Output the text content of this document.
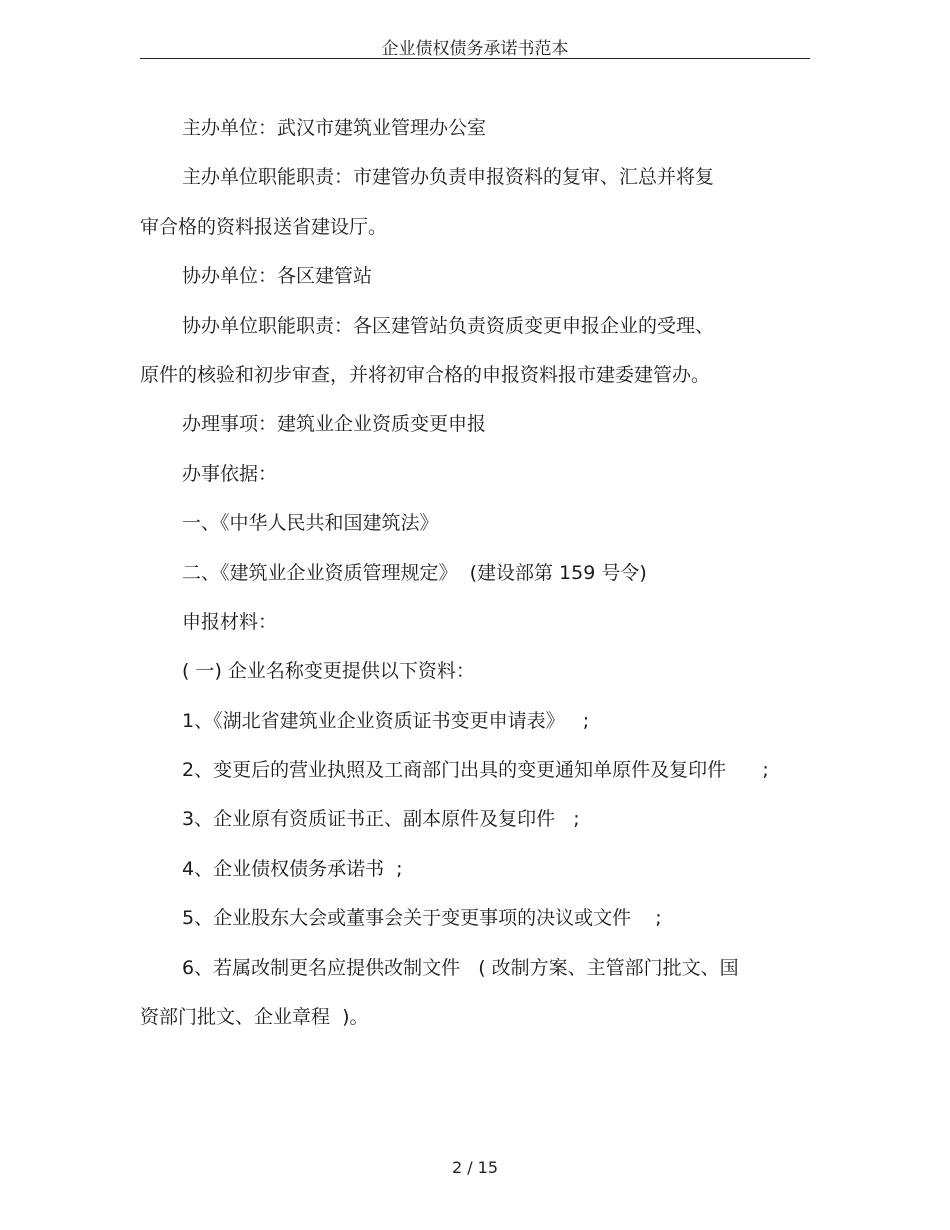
企业债权债务承诺书范本
主办单位：武汉市建筑业管理办公室
主办单位职能职责：市建管办负责申报资料的复审、汇总并将复
审合格的资料报送省建设厅。
协办单位：各区建管站
协办单位职能职责：各区建管站负责资质变更申报企业的受理、
原件的核验和初步审查，并将初审合格的申报资料报市建委建管办。
办理事项：建筑业企业资质变更申报
办事依据：
一、《中华人民共和国建筑法》
二、《建筑业企业资质管理规定》  (建设部第 159 号令)
申报材料：
( 一) 企业名称变更提供以下资料：
1、《湖北省建筑业企业资质证书变更申请表》   ;
2、变更后的营业执照及工商部门出具的变更通知单原件及复印件      ;
3、企业原有资质证书正、副本原件及复印件   ;
4、企业债权债务承诺书  ;
5、企业股东大会或董事会关于变更事项的决议或文件    ;
6、若属改制更名应提供改制文件   ( 改制方案、主管部门批文、国
资部门批文、企业章程  )。
2 / 15
